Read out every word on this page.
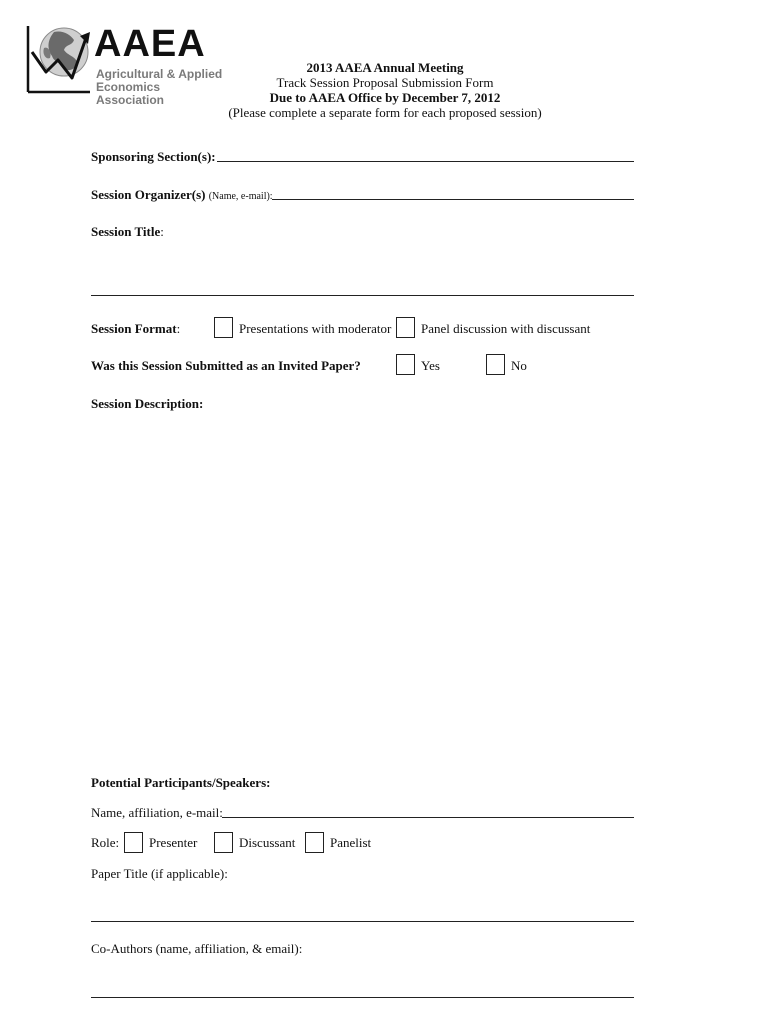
AAEA
Agricultural & Applied
Economics Association
2013 AAEA Annual Meeting
Track Session Proposal Submission Form
Due to AAEA Office by December 7, 2012
(Please complete a separate form for each proposed session)
Sponsoring Section(s):
Session Organizer(s) (Name, e-mail):
Session Title:
Session Format:	Presentations with moderator Panel discussion with discussant
Was this Session Submitted as an Invited Paper?	Yes	No
Session Description:
Potential Participants/Speakers:
Name, affiliation, e-mail:
Role: Presenter	Discussant	Panelist
Paper Title (if applicable):
Co-Authors (name, affiliation, & email):
